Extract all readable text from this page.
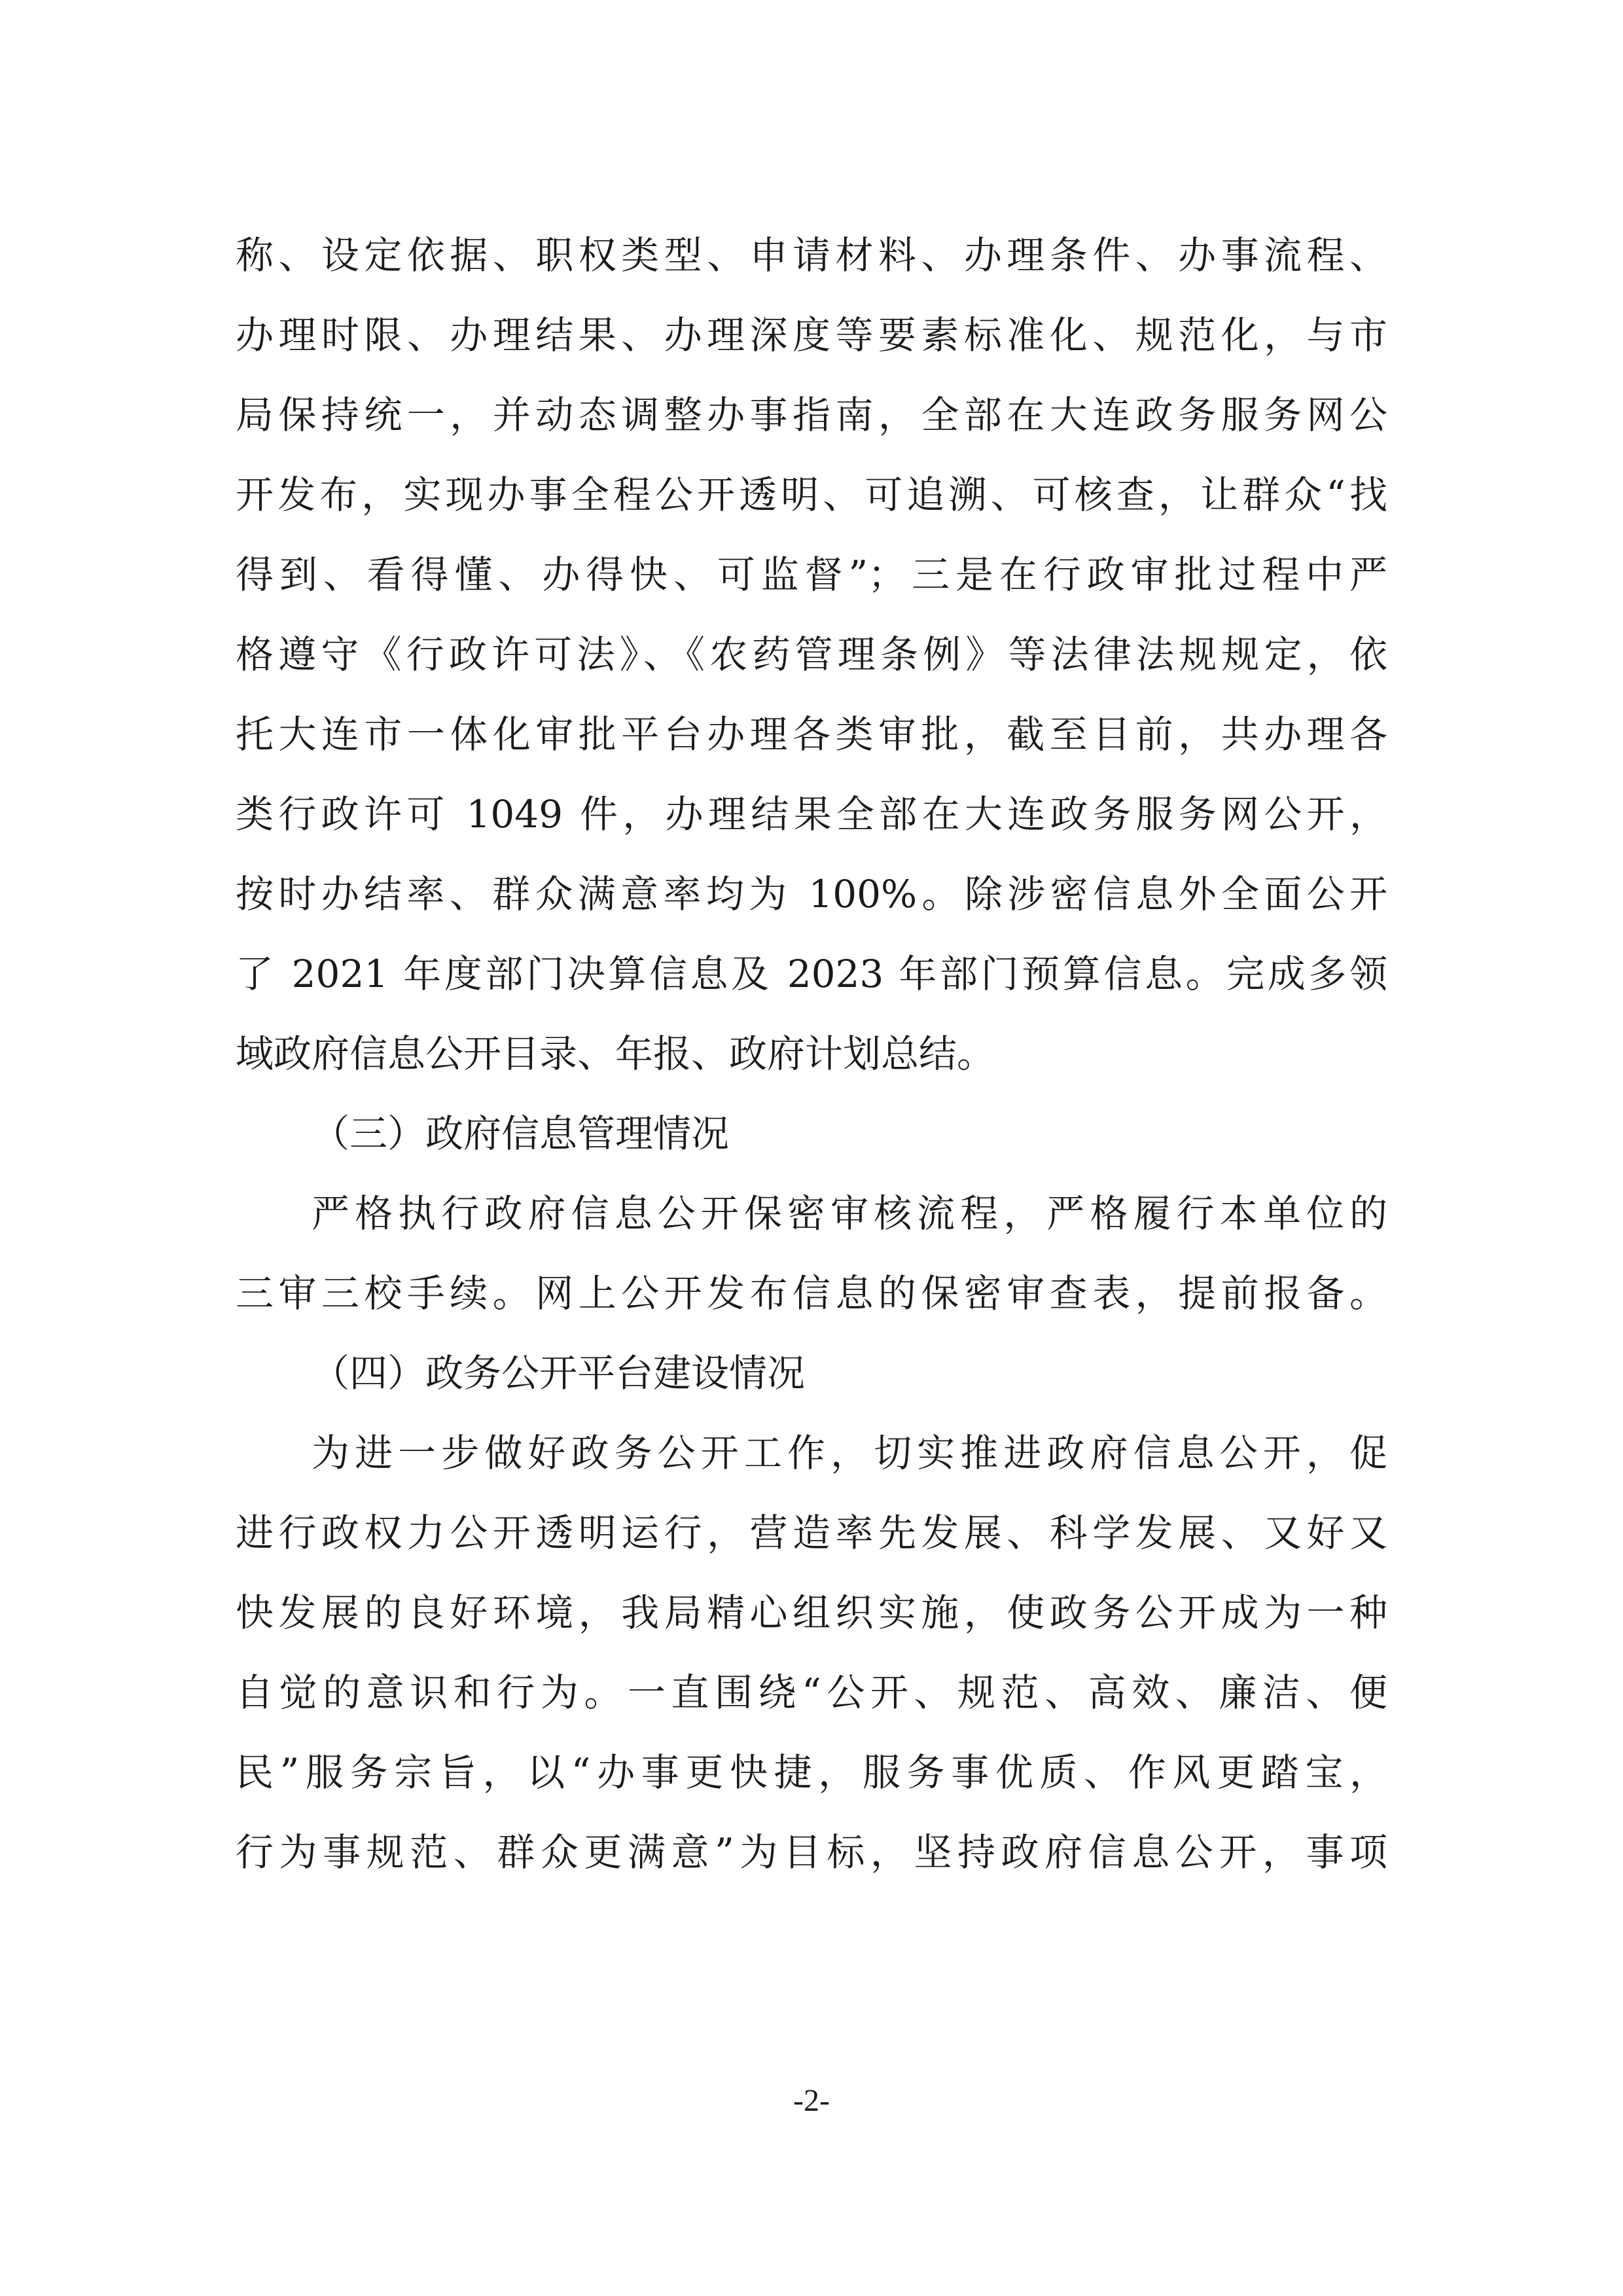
称、设定依据、职权类型、申请材料、办理条件、办事流程、
办理时限、办理结果、办理深度等要素标准化、规范化，与市
局保持统一，并动态调整办事指南，全部在大连政务服务网公
开发布，实现办事全程公开透明、可追溯、可核查，让群众“找
得到、看得懂、办得快、可监督”；三是在行政审批过程中严
格遵守《行政许可法》、《农药管理条例》等法律法规规定，依
托大连市一体化审批平台办理各类审批，截至目前，共办理各
类行政许可 1049 件，办理结果全部在大连政务服务网公开，
按时办结率、群众满意率均为 100%。除涉密信息外全面公开
了 2021 年度部门决算信息及 2023 年部门预算信息。完成多领
域政府信息公开目录、年报、政府计划总结。
（三）政府信息管理情况
严格执行政府信息公开保密审核流程，严格履行本单位的
三审三校手续。网上公开发布信息的保密审查表，提前报备。
（四）政务公开平台建设情况
为进一步做好政务公开工作，切实推进政府信息公开，促
进行政权力公开透明运行，营造率先发展、科学发展、又好又
快发展的良好环境，我局精心组织实施，使政务公开成为一种
自觉的意识和行为。一直围绕“公开、规范、高效、廉洁、便
民”服务宗旨，以“办事更快捷，服务事优质、作风更踏宝，
行为事规范、群众更满意”为目标，坚持政府信息公开，事项
-2-
